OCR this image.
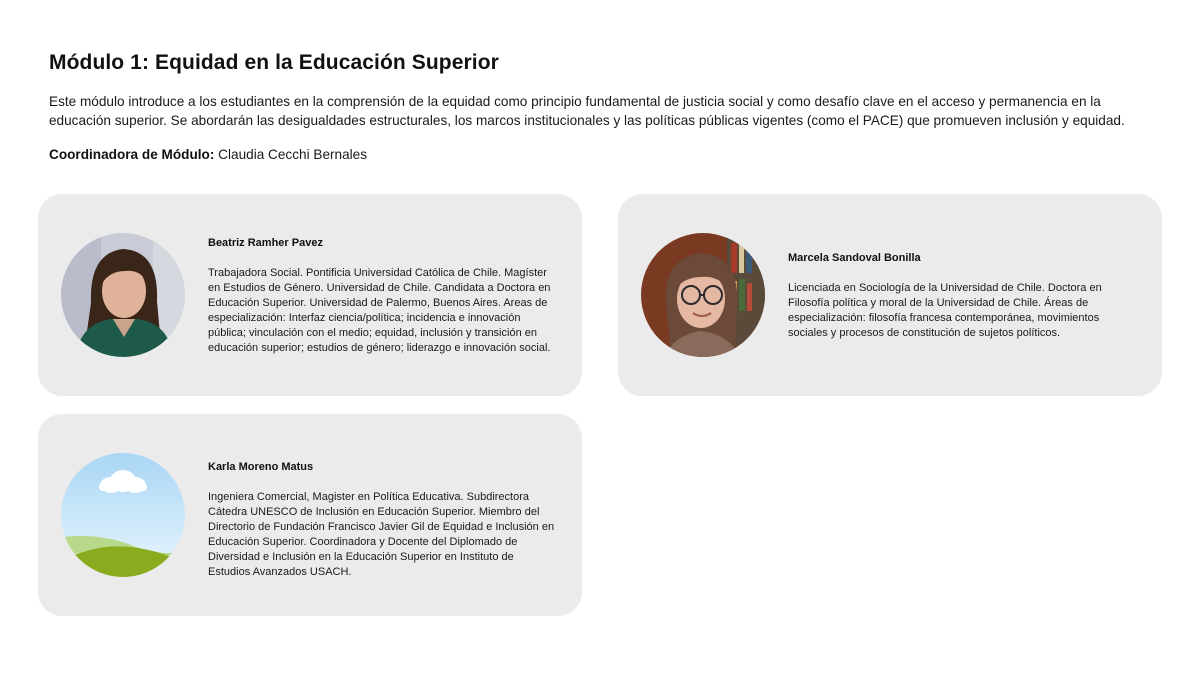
Módulo 1: Equidad en la Educación Superior

Este módulo introduce a los estudiantes en la comprensión de la equidad como principio fundamental de justicia social y como desafío clave en el acceso y permanencia en la educación superior. Se abordarán las desigualdades estructurales, los marcos institucionales y las políticas públicas vigentes (como el PACE) que promueven inclusión y equidad.

Coordinadora de Módulo: Claudia Cecchi Bernales
Beatriz Ramher Pavez

Trabajadora Social. Pontificia Universidad Católica de Chile. Magíster en Estudios de Género. Universidad de Chile. Candidata a Doctora en Educación Superior. Universidad de Palermo, Buenos Aires. Areas de especialización: Interfaz ciencia/política; incidencia e innovación pública; vinculación con el medio; equidad, inclusión y transición en educación superior; estudios de género; liderazgo e innovación social.

Marcela Sandoval Bonilla

Licenciada en Sociología de la Universidad de Chile. Doctora en Filosofía política y moral de la Universidad de Chile. Áreas de especialización: filosofía francesa contemporánea, movimientos sociales y procesos de constitución de sujetos políticos.

Karla Moreno Matus

Ingeniera Comercial, Magister en Política Educativa. Subdirectora Cátedra UNESCO de Inclusión en Educación Superior. Miembro del Directorio de Fundación Francisco Javier Gil de Equidad e Inclusión en Educación Superior. Coordinadora y Docente del Diplomado de Diversidad e Inclusión en la Educación Superior en Instituto de Estudios Avanzados USACH.
